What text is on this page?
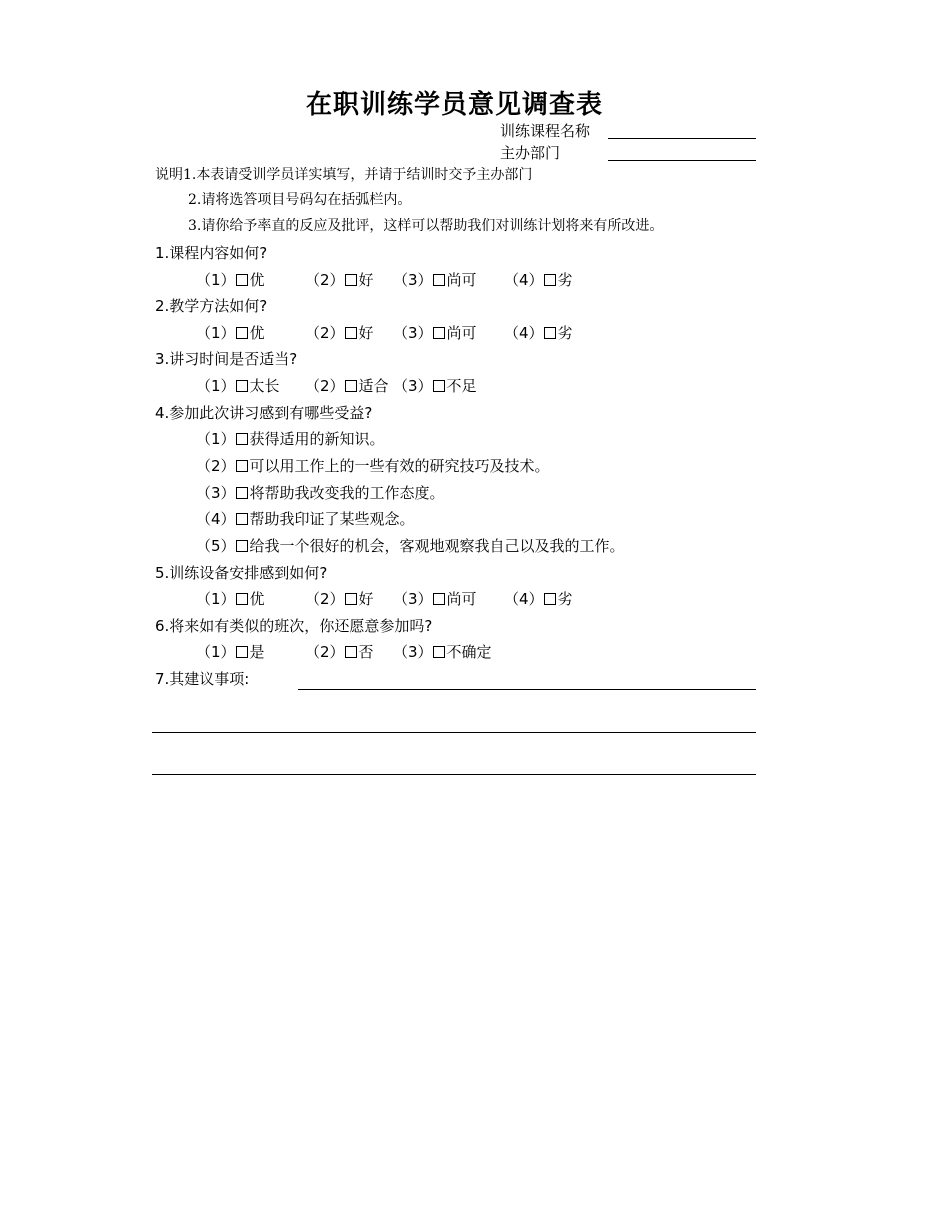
在职训练学员意见调查表
训练课程名称
主办部门
说明1.本表请受训学员详实填写，并请于结训时交予主办部门
2.请将选答项目号码勾在括弧栏内。
3.请你给予率直的反应及批评，这样可以帮助我们对训练计划将来有所改进。
1.课程内容如何?
（1） 优	（2） 好 （3） 尚可 （4） 劣
2.教学方法如何?
（1） 优	（2） 好 （3） 尚可 （4） 劣
3.讲习时间是否适当?
（1） 太长 （2） 适合 （3） 不足
4.参加此次讲习感到有哪些受益?
（1） 获得适用的新知识。
（2） 可以用工作上的一些有效的研究技巧及技术。
（3） 将帮助我改变我的工作态度。
（4） 帮助我印证了某些观念。
（5） 给我一个很好的机会，客观地观察我自己以及我的工作。
5.训练设备安排感到如何?
（1） 优	（2） 好 （3） 尚可 （4） 劣
6.将来如有类似的班次，你还愿意参加吗?
（1） 是	（2） 否 （3） 不确定
7.其建议事项:
